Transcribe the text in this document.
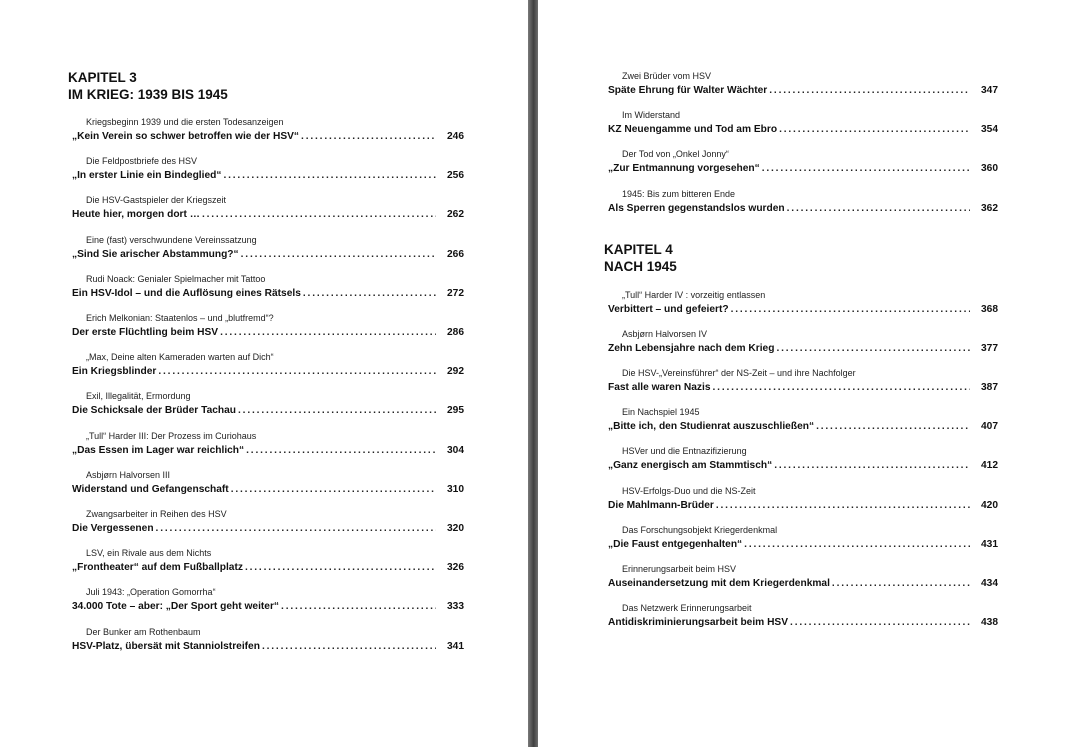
KAPITEL 3
IM KRIEG: 1939 BIS 1945
Kriegsbeginn 1939 und die ersten Todesanzeigen
„Kein Verein so schwer betroffen wie der HSV“ . . .	246
Die Feldpostbriefe des HSV
„In erster Linie ein Bindeglied“ . . .	256
Die HSV-Gastspieler der Kriegszeit
Heute hier, morgen dort … . . .	262
Eine (fast) verschwundene Vereinssatzung
„Sind Sie arischer Abstammung?“ . . .	266
Rudi Noack: Genialer Spielmacher mit Tattoo
Ein HSV-Idol – und die Auflösung eines Rätsels . . .	272
Erich Melkonian: Staatenlos – und „blutfremd“?
Der erste Flüchtling beim HSV . . .	286
„Max, Deine alten Kameraden warten auf Dich“
Ein Kriegsblinder . . .	292
Exil, Illegalität, Ermordung
Die Schicksale der Brüder Tachau . . .	295
„Tull“ Harder III: Der Prozess im Curiohaus
„Das Essen im Lager war reichlich“ . . .	304
Asbjørn Halvorsen III
Widerstand und Gefangenschaft . . .	310
Zwangsarbeiter in Reihen des HSV
Die Vergessenen . . .	320
LSV, ein Rivale aus dem Nichts
„Frontheater“ auf dem Fußballplatz . . .	326
Juli 1943: „Operation Gomorrha“
34.000 Tote – aber: „Der Sport geht weiter“ . . .	333
Der Bunker am Rothenbaum
HSV-Platz, übersät mit Stanniolstreifen . . .	341
Zwei Brüder vom HSV
Späte Ehrung für Walter Wächter . . .	347
Im Widerstand
KZ Neuengamme und Tod am Ebro . . .	354
Der Tod von „Onkel Jonny“
„Zur Entmannung vorgesehen“ . . .	360
1945: Bis zum bitteren Ende
Als Sperren gegenstandslos wurden . . .	362
KAPITEL 4
NACH 1945
„Tull“ Harder IV : vorzeitig entlassen
Verbittert – und gefeiert? . . .	368
Asbjørn Halvorsen IV
Zehn Lebensjahre nach dem Krieg . . .	377
Die HSV-„Vereinsführer“ der NS-Zeit – und ihre Nachfolger
Fast alle waren Nazis . . .	387
Ein Nachspiel 1945
„Bitte ich, den Studienrat auszuschließen“ . . .	407
HSVer und die Entnazifizierung
„Ganz energisch am Stammtisch“ . . .	412
HSV-Erfolgs-Duo und die NS-Zeit
Die Mahlmann-Brüder . . .	420
Das Forschungsobjekt Kriegerdenkmal
„Die Faust entgegenhalten“ . . .	431
Erinnerungsarbeit beim HSV
Auseinandersetzung mit dem Kriegerdenkmal . . .	434
Das Netzwerk Erinnerungsarbeit
Antidiskriminierungsarbeit beim HSV . . .	438
